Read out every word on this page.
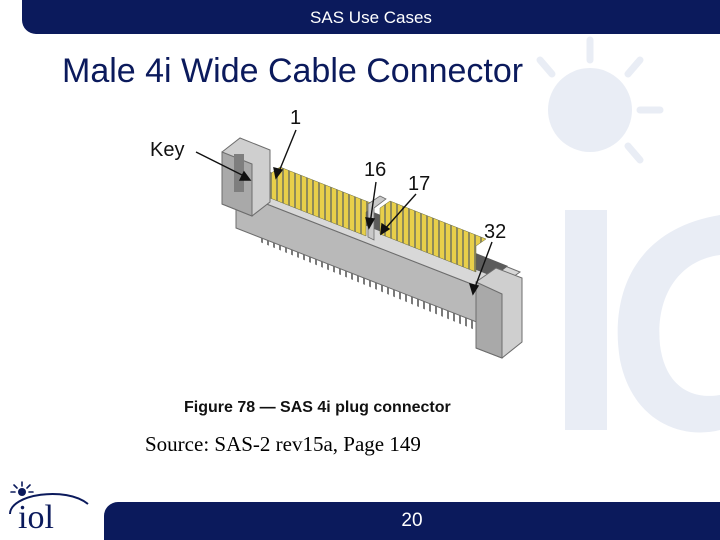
SAS Use Cases
Male 4i Wide Cable Connector
Key
1
16
17
32
Figure 78 — SAS 4i plug connector
Source: SAS-2 rev15a, Page 149
iol	20
